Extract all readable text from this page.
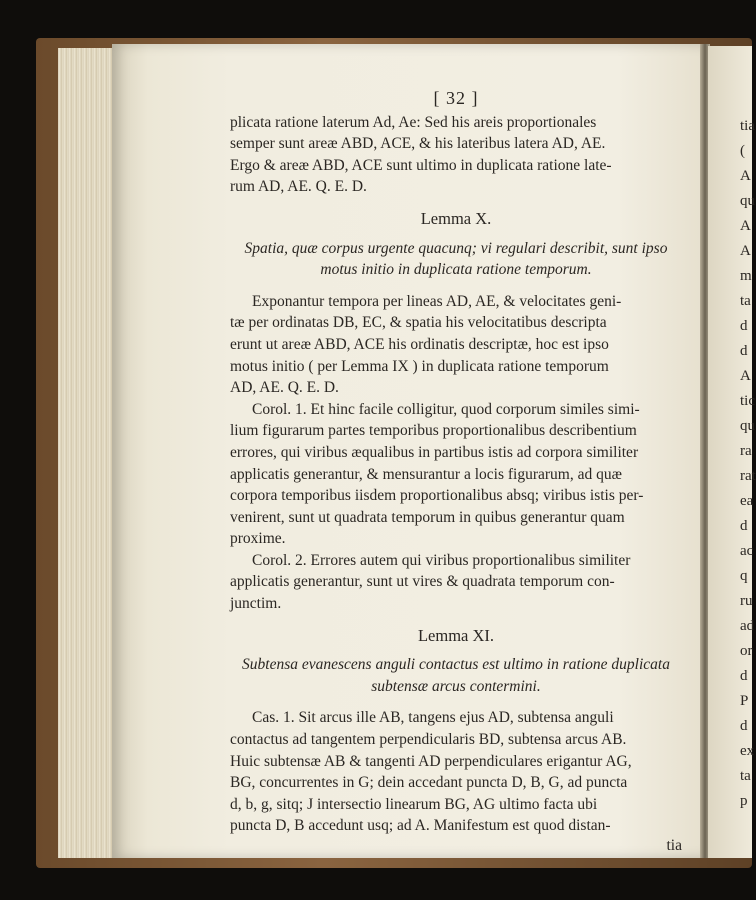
tia
(
A
qu
A
A
m
ta
d
d
A
tic
qu
ra
rat
ea
d
ac
q
ru
ad
or
d
P
d
ex
ta
p
[ 32 ]
plicata ratione laterum Ad, Ae: Sed his areis proportionales
semper sunt areæ ABD, ACE, & his lateribus latera AD, AE.
Ergo & areæ ABD, ACE sunt ultimo in duplicata ratione late-
rum AD, AE. Q. E. D.
Lemma X.
Spatia, quæ corpus urgente quacunq; vi regulari describit, sunt ipso
motus initio in duplicata ratione temporum.
Exponantur tempora per lineas AD, AE, & velocitates geni-
tæ per ordinatas DB, EC, & spatia his velocitatibus descripta
erunt ut areæ ABD, ACE his ordinatis descriptæ, hoc est ipso
motus initio ( per Lemma IX ) in duplicata ratione temporum
AD, AE. Q. E. D.
Corol. 1. Et hinc facile colligitur, quod corporum similes simi-
lium figurarum partes temporibus proportionalibus describentium
errores, qui viribus æqualibus in partibus istis ad corpora similiter
applicatis generantur, & mensurantur a locis figurarum, ad quæ
corpora temporibus iisdem proportionalibus absq; viribus istis per-
venirent, sunt ut quadrata temporum in quibus generantur quam
proxime.
Corol. 2. Errores autem qui viribus proportionalibus similiter
applicatis generantur, sunt ut vires & quadrata temporum con-
junctim.
Lemma XI.
Subtensa evanescens anguli contactus est ultimo in ratione duplicata
subtensæ arcus contermini.
Cas. 1. Sit arcus ille AB, tangens ejus AD, subtensa anguli
contactus ad tangentem perpendicularis BD, subtensa arcus AB.
Huic subtensæ AB & tangenti AD perpendiculares erigantur AG,
BG, concurrentes in G; dein accedant puncta D, B, G, ad puncta
d, b, g, sitq; J intersectio linearum BG, AG ultimo facta ubi
puncta D, B accedunt usq; ad A. Manifestum est quod distan-
tia
